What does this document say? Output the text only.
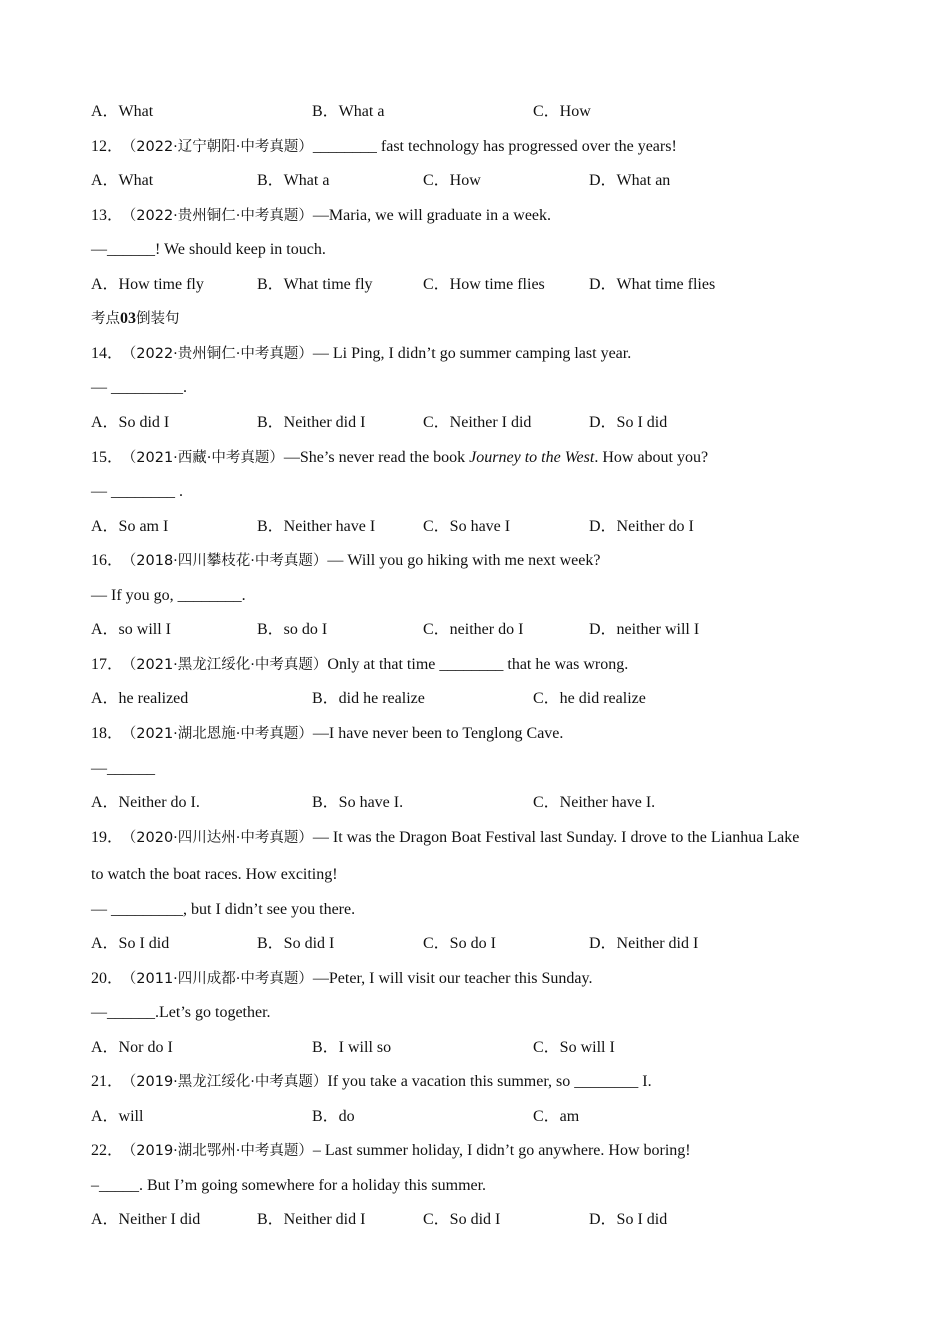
A．What	B．What a	C．How
12． （2022·辽宁朝阳·中考真题）________ fast technology has progressed over the years!
A．What	B．What a	C．How	D．What an
13． （2022·贵州铜仁·中考真题）—Maria, we will graduate in a week.
—______! We should keep in touch.
A．How time fly	B．What time fly	C．How time flies	D．What time flies
考点03倒装句
14． （2022·贵州铜仁·中考真题）— Li Ping, I didn’t go summer camping last year.
— _________.
A．So did I	B．Neither did I	C．Neither I did	D．So I did
15． （2021·西藏·中考真题）—She’s never read the book Journey to the West. How about you?
— ________ .
A．So am I	B．Neither have I	C．So have I	D．Neither do I
16． （2018·四川攀枝花·中考真题）— Will you go hiking with me next week?
— If you go, ________.
A．so will I	B．so do I	C．neither do I	D．neither will I
17． （2021·黑龙江绥化·中考真题）Only at that time ________ that he was wrong.
A．he realized	B．did he realize	C．he did realize
18． （2021·湖北恩施·中考真题）—I have never been to Tenglong Cave.
—______
A．Neither do I.	B．So have I.	C．Neither have I.
19． （2020·四川达州·中考真题）— It was the Dragon Boat Festival last Sunday. I drove to the Lianhua Lake
to watch the boat races. How exciting!
— _________, but I didn’t see you there.
A．So I did	B．So did I	C．So do I	D．Neither did I
20． （2011·四川成都·中考真题）—Peter, I will visit our teacher this Sunday.
—______.Let’s go together.
A．Nor do I	B．I will so	C．So will I
21． （2019·黑龙江绥化·中考真题）If you take a vacation this summer, so ________ I.
A．will	B．do	C．am
22． （2019·湖北鄂州·中考真题）– Last summer holiday, I didn’t go anywhere. How boring!
–_____. But I’m going somewhere for a holiday this summer.
A．Neither I did	B．Neither did I	C．So did I	D．So I did
